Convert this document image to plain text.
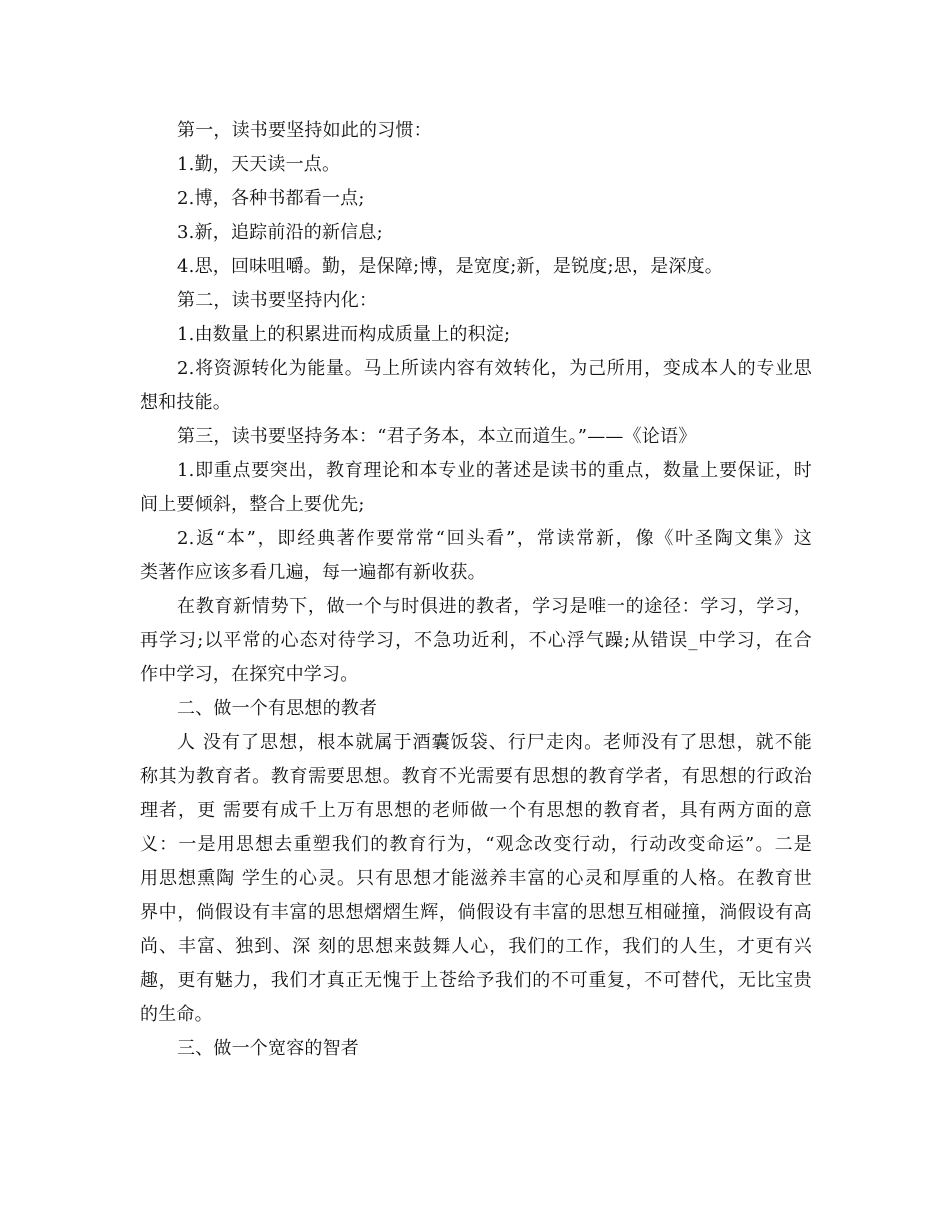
第一，读书要坚持如此的习惯：
1.勤，天天读一点。
2.博，各种书都看一点;
3.新，追踪前沿的新信息;
4.思，回味咀嚼。勤，是保障;博，是宽度;新，是锐度;思，是深度。
第二，读书要坚持内化：
1.由数量上的积累进而构成质量上的积淀;
2.将资源转化为能量。马上所读内容有效转化，为己所用，变成本人的专业思
想和技能。
第三，读书要坚持务本：“君子务本，本立而道生。”——《论语》
1.即重点要突出，教育理论和本专业的著述是读书的重点，数量上要保证，时
间上要倾斜，整合上要优先;
2.返“本”，即经典著作要常常“回头看”，常读常新，像《叶圣陶文集》这
类著作应该多看几遍，每一遍都有新收获。
在教育新情势下，做一个与时俱进的教者，学习是唯一的途径：学习，学习，
再学习;以平常的心态对待学习，不急功近利，不心浮气躁;从错误_中学习，在合
作中学习，在探究中学习。
二、做一个有思想的教者
人 没有了思想，根本就属于酒囊饭袋、行尸走肉。老师没有了思想，就不能
称其为教育者。教育需要思想。教育不光需要有思想的教育学者，有思想的行政治
理者，更 需要有成千上万有思想的老师做一个有思想的教育者，具有两方面的意
义：一是用思想去重塑我们的教育行为，“观念改变行动，行动改变命运”。二是
用思想熏陶 学生的心灵。只有思想才能滋养丰富的心灵和厚重的人格。在教育世
界中，倘假设有丰富的思想熠熠生辉，倘假设有丰富的思想互相碰撞，淌假设有高
尚、丰富、独到、深 刻的思想来鼓舞人心，我们的工作，我们的人生，才更有兴
趣，更有魅力，我们才真正无愧于上苍给予我们的不可重复，不可替代，无比宝贵
的生命。
三、做一个宽容的智者
